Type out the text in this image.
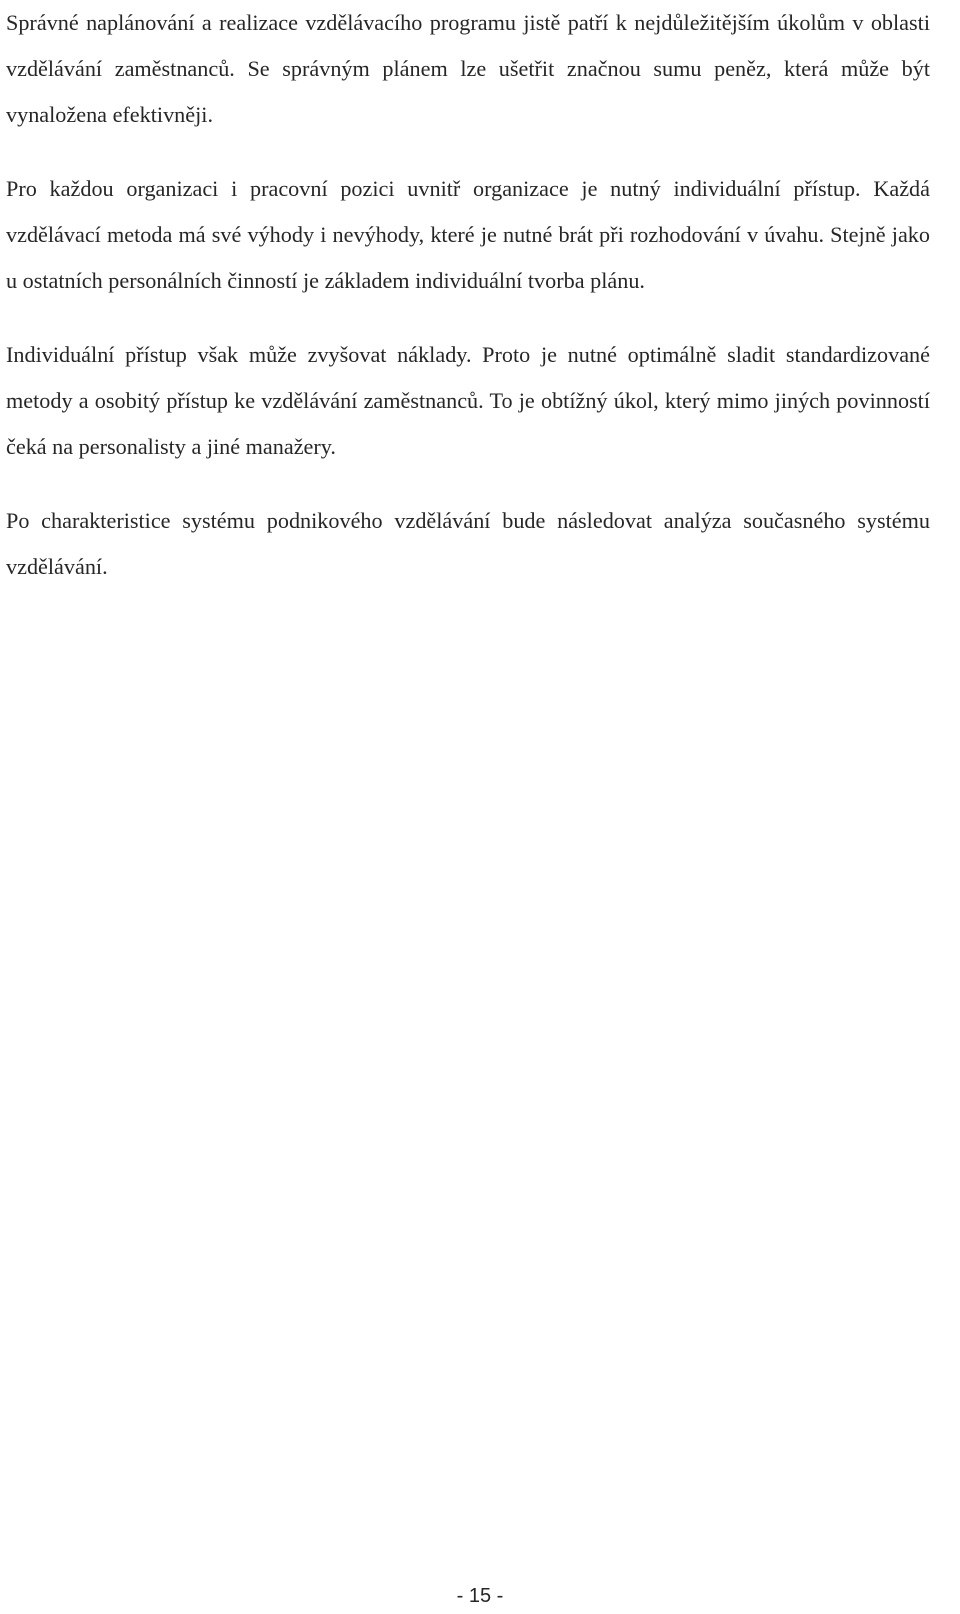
Správné naplánování a realizace vzdělávacího programu jistě patří k nejdůležitějším úkolům v oblasti vzdělávání zaměstnanců. Se správným plánem lze ušetřit značnou sumu peněz, která může být vynaložena efektivněji.

Pro každou organizaci i pracovní pozici uvnitř organizace je nutný individuální přístup. Každá vzdělávací metoda má své výhody i nevýhody, které je nutné brát při rozhodování v úvahu. Stejně jako u ostatních personálních činností je základem individuální tvorba plánu.

Individuální přístup však může zvyšovat náklady. Proto je nutné optimálně sladit standardizované metody a osobitý přístup ke vzdělávání zaměstnanců. To je obtížný úkol, který mimo jiných povinností čeká na personalisty a jiné manažery.

Po charakteristice systému podnikového vzdělávání bude následovat analýza současného systému vzdělávání.

- 15 -
